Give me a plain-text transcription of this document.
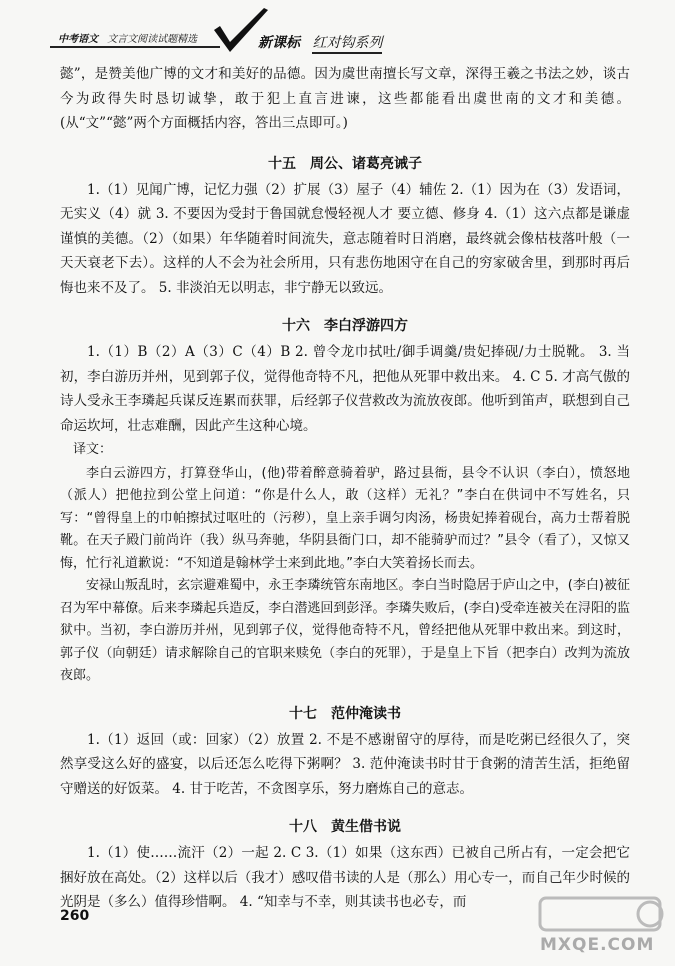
中考语文 文言文阅读试题精选	新课标 红对钩系列

懿”，是赞美他广博的文才和美好的品德。因为虞世南擅长写文章，深得王羲之书法之妙，谈古今为政得失时恳切诚挚，敢于犯上直言进谏，这些都能看出虞世南的文才和美德。(从“文”“懿”两个方面概括内容，答出三点即可。)

十五　周公、诸葛亮诫子

1.（1）见闻广博，记忆力强（2）扩展（3）屋子（4）辅佐 2.（1）因为在（3）发语词，无实义（4）就 3. 不要因为受封于鲁国就怠慢轻视人才 要立德、修身 4.（1）这六点都是谦虚谨慎的美德。（2）（如果）年华随着时间流失，意志随着时日消磨，最终就会像枯枝落叶般（一天天衰老下去）。这样的人不会为社会所用，只有悲伤地困守在自己的穷家破舍里，到那时再后悔也来不及了。 5. 非淡泊无以明志，非宁静无以致远。

十六　李白浮游四方

1.（1）B（2）A（3）C（4）B 2. 曾令龙巾拭吐/御手调羹/贵妃捧砚/力士脱靴。 3. 当初，李白游历并州，见到郭子仪，觉得他奇特不凡，把他从死罪中救出来。 4. C 5. 才高气傲的诗人受永王李璘起兵谋反连累而获罪，后经郭子仪营救改为流放夜郎。他听到笛声，联想到自己命运坎坷，壮志难酬，因此产生这种心境。

译文：

李白云游四方，打算登华山，(他)带着醉意骑着驴，路过县衙，县令不认识（李白），愤怒地（派人）把他拉到公堂上问道：“你是什么人，敢（这样）无礼？”李白在供词中不写姓名，只写：“曾得皇上的巾帕擦拭过呕吐的（污秽），皇上亲手调匀肉汤，杨贵妃捧着砚台，高力士帮着脱靴。在天子殿门前尚许（我）纵马奔驰，华阴县衙门口，却不能骑驴而过？”县令（看了），又惊又悔，忙行礼道歉说：“不知道是翰林学士来到此地。”李白大笑着扬长而去。

安禄山叛乱时，玄宗避难蜀中，永王李璘统管东南地区。李白当时隐居于庐山之中，(李白)被征召为军中幕僚。后来李璘起兵造反，李白潜逃回到彭泽。李璘失败后，(李白)受牵连被关在浔阳的监狱中。当初，李白游历并州，见到郭子仪，觉得他奇特不凡，曾经把他从死罪中救出来。到这时，郭子仪（向朝廷）请求解除自己的官职来赎免（李白的死罪），于是皇上下旨（把李白）改判为流放夜郎。

十七　范仲淹读书

1.（1）返回（或：回家）（2）放置 2. 不是不感谢留守的厚待，而是吃粥已经很久了，突然享受这么好的盛宴，以后还怎么吃得下粥啊？ 3. 范仲淹读书时甘于食粥的清苦生活，拒绝留守赠送的好饭菜。 4. 甘于吃苦，不贪图享乐，努力磨炼自己的意志。

十八　黄生借书说

1.（1）使……流汗（2）一起 2. C 3.（1）如果（这东西）已被自己所占有，一定会把它捆好放在高处。（2）这样以后（我才）感叹借书读的人是（那么）用心专一，而自己年少时候的光阴是（多么）值得珍惜啊。 4. “知幸与不幸，则其读书也必专，而

260
MXQE.COM
